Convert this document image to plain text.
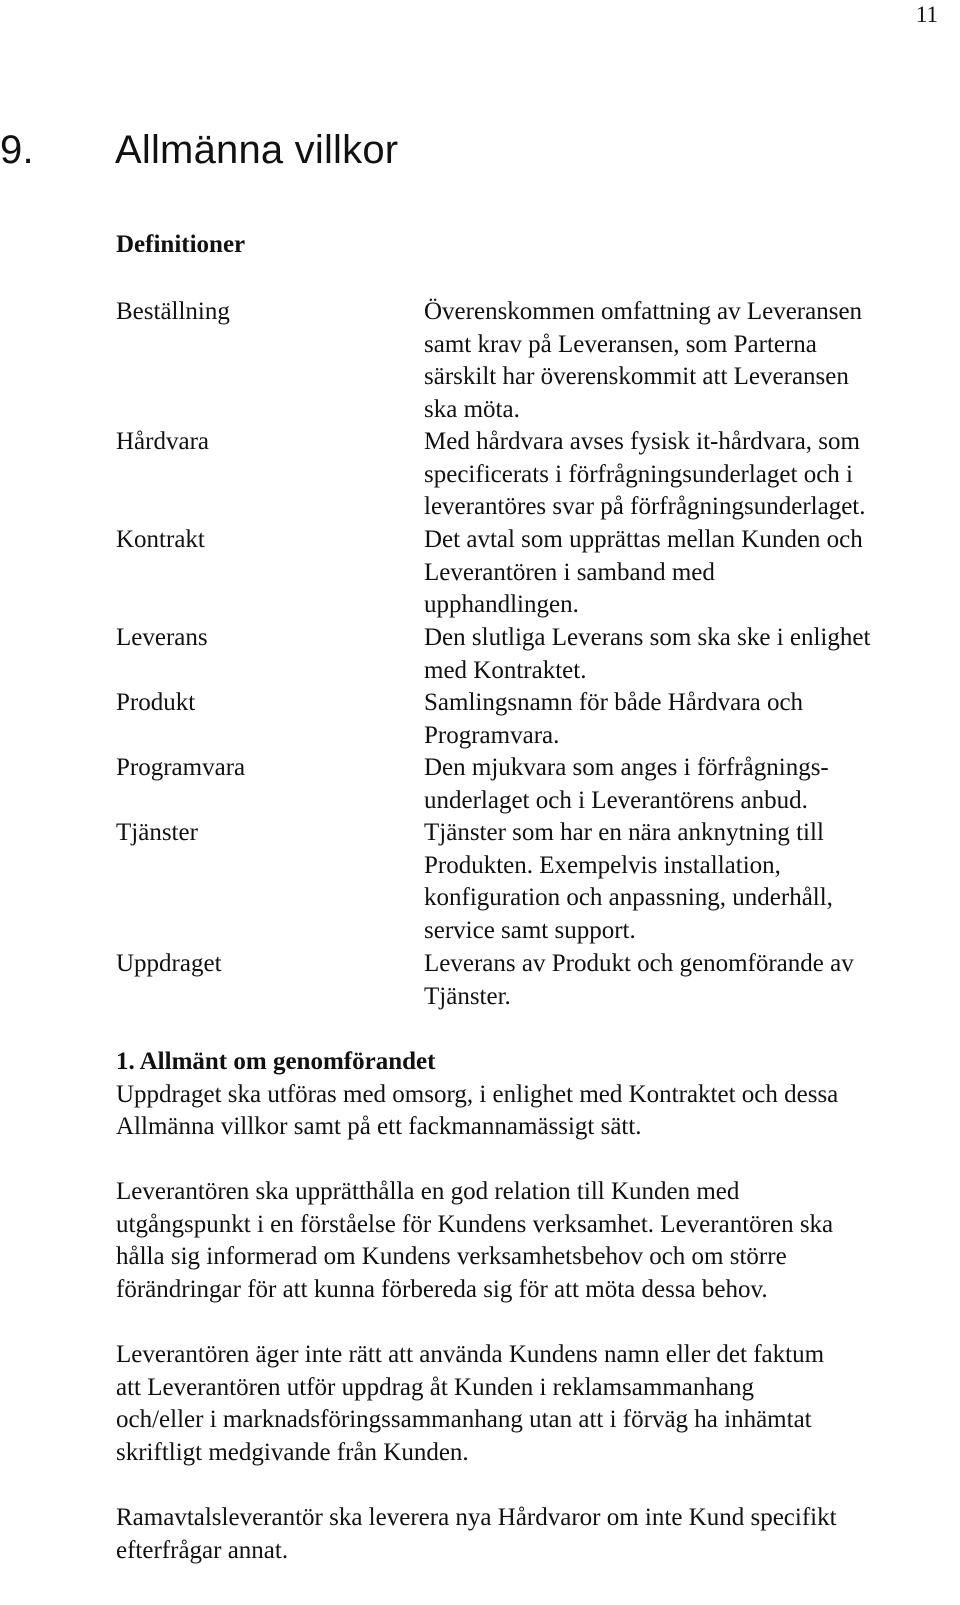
11
9. Allmänna villkor
Definitioner
Beställning
Hårdvara
Kontrakt
Leverans
Produkt
Programvara
Tjänster
Uppdraget
Överenskommen omfattning av Leveransen
samt krav på Leveransen, som Parterna
särskilt har överenskommit att Leveransen
ska möta.
Med hårdvara avses fysisk it-hårdvara, som
specificerats i förfrågningsunderlaget och i
leverantöres svar på förfrågningsunderlaget.
Det avtal som upprättas mellan Kunden och
Leverantören i samband med
upphandlingen.
Den slutliga Leverans som ska ske i enlighet
med Kontraktet.
Samlingsnamn för både Hårdvara och
Programvara.
Den mjukvara som anges i förfrågnings-
underlaget och i Leverantörens anbud.
Tjänster som har en nära anknytning till
Produkten. Exempelvis installation,
konfiguration och anpassning, underhåll,
service samt support.
Leverans av Produkt och genomförande av
Tjänster.
1. Allmänt om genomförandet
Uppdraget ska utföras med omsorg, i enlighet med Kontraktet och dessa
Allmänna villkor samt på ett fackmannamässigt sätt.
Leverantören ska upprätthålla en god relation till Kunden med
utgångspunkt i en förståelse för Kundens verksamhet. Leverantören ska
hålla sig informerad om Kundens verksamhetsbehov och om större
förändringar för att kunna förbereda sig för att möta dessa behov.
Leverantören äger inte rätt att använda Kundens namn eller det faktum
att Leverantören utför uppdrag åt Kunden i reklamsammanhang
och/eller i marknadsföringssammanhang utan att i förväg ha inhämtat
skriftligt medgivande från Kunden.
Ramavtalsleverantör ska leverera nya Hårdvaror om inte Kund specifikt
efterfrågar annat.
